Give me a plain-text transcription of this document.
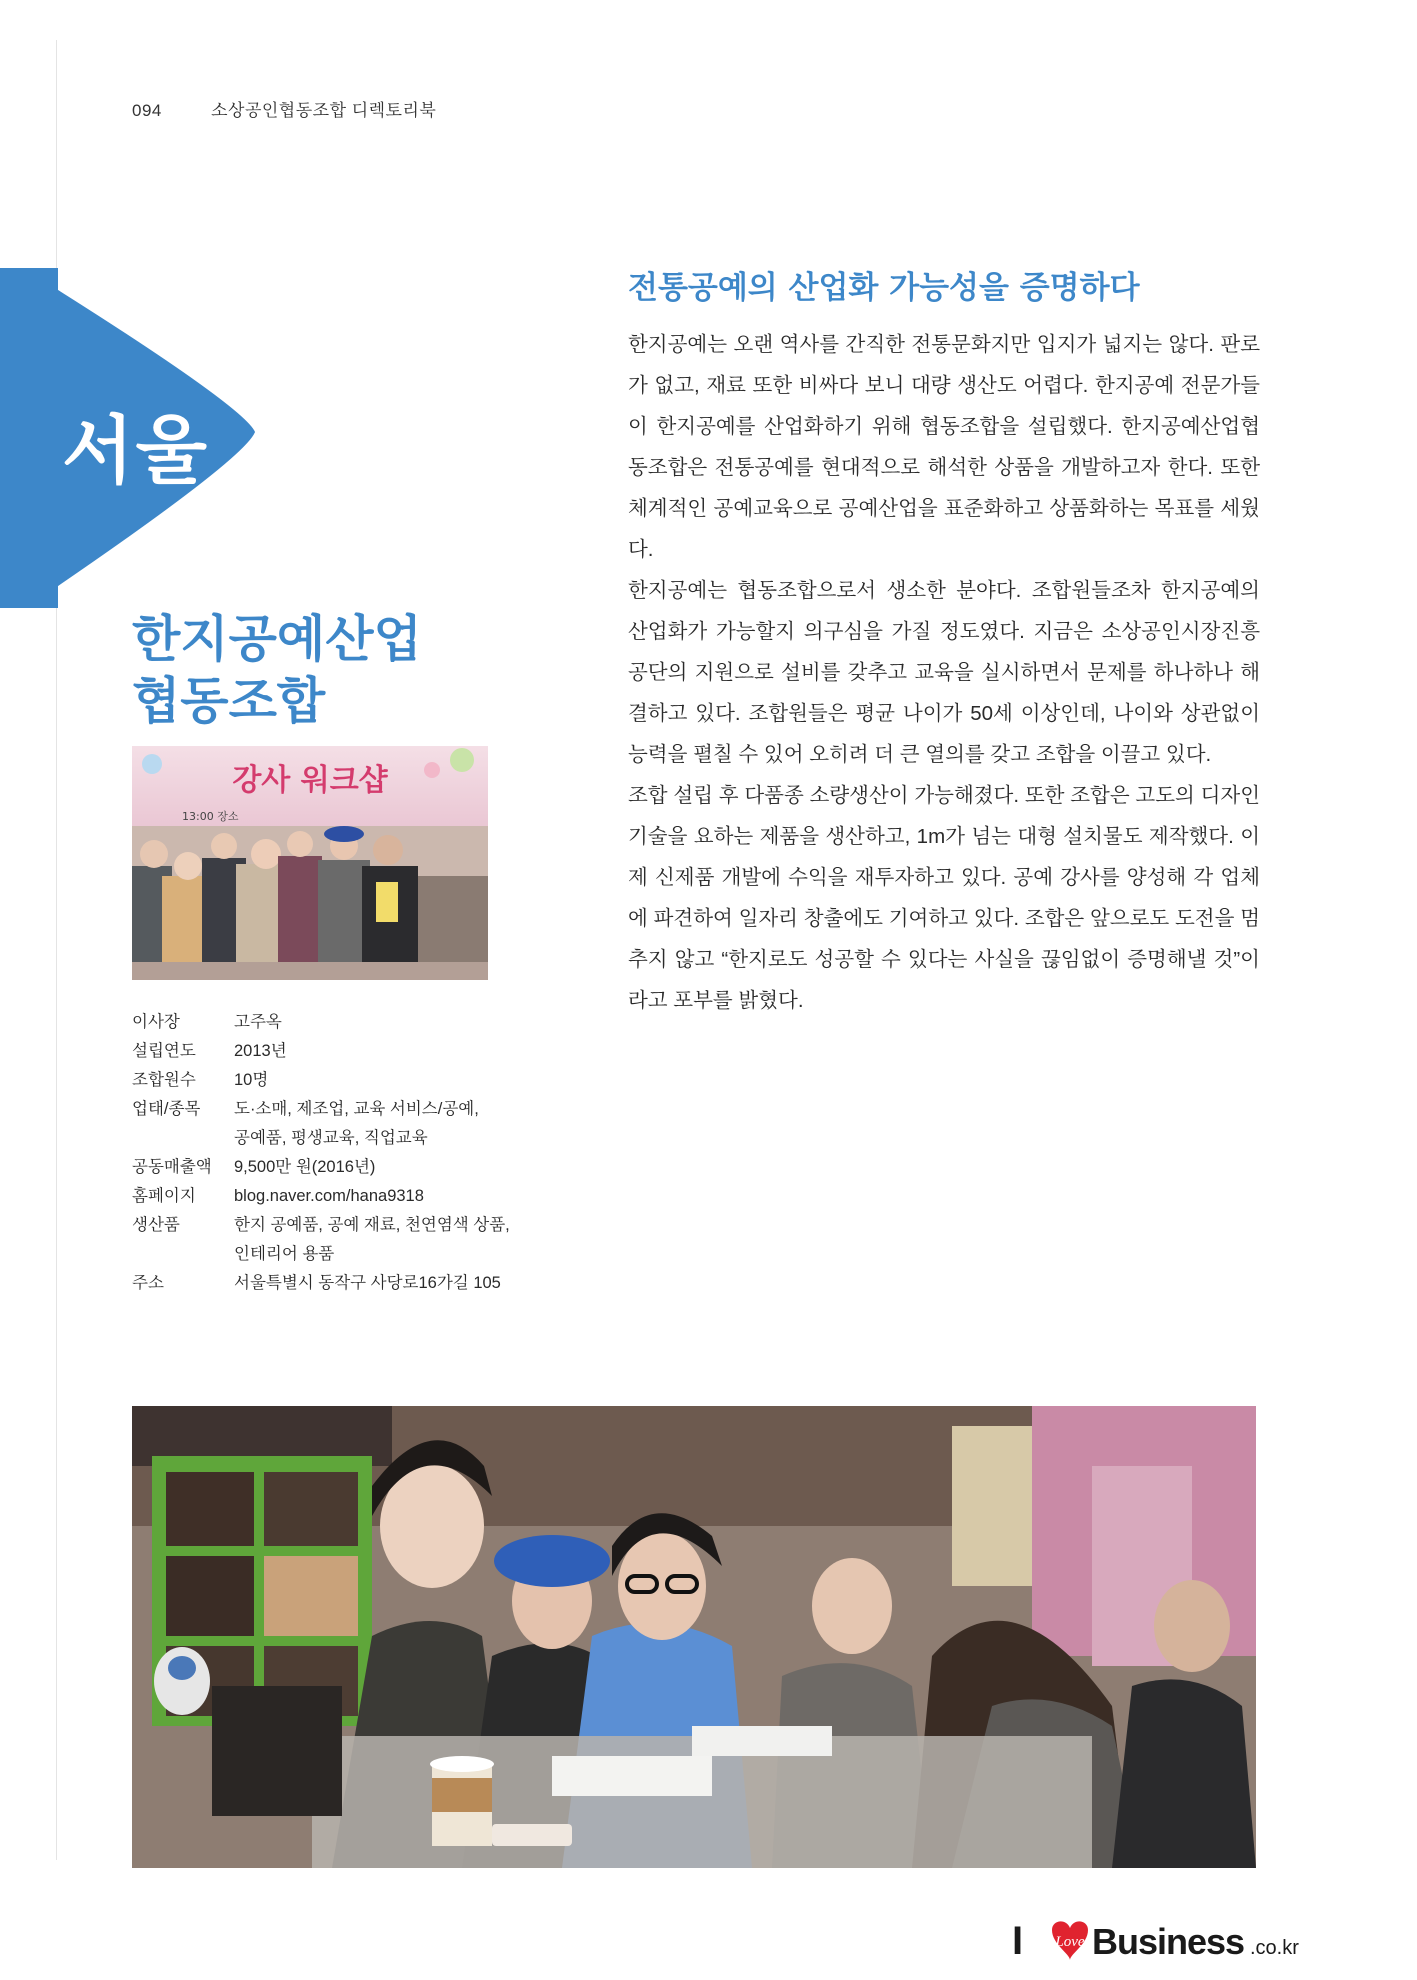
094	소상공인협동조합 디렉토리북
서울
한지공예산업
협동조합
강사 워크샵
13:00 장소
이사장	고주옥
설립연도	2013년
조합원수	10명
업태/종목	도·소매, 제조업, 교육 서비스/공예,
공예품, 평생교육, 직업교육
공동매출액	9,500만 원(2016년)
홈페이지	blog.naver.com/hana9318
생산품	한지 공예품, 공예 재료, 천연염색 상품,
인테리어 용품
주소	서울특별시 동작구 사당로16가길 105
전통공예의 산업화 가능성을 증명하다

한지공예는 오랜 역사를 간직한 전통문화지만 입지가 넓지는 않다. 판로가 없고, 재료 또한 비싸다 보니 대량 생산도 어렵다. 한지공예 전문가들이 한지공예를 산업화하기 위해 협동조합을 설립했다. 한지공예산업협동조합은 전통공예를 현대적으로 해석한 상품을 개발하고자 한다. 또한 체계적인 공예교육으로 공예산업을 표준화하고 상품화하는 목표를 세웠다.

한지공예는 협동조합으로서 생소한 분야다. 조합원들조차 한지공예의 산업화가 가능할지 의구심을 가질 정도였다. 지금은 소상공인시장진흥공단의 지원으로 설비를 갖추고 교육을 실시하면서 문제를 하나하나 해결하고 있다. 조합원들은 평균 나이가 50세 이상인데, 나이와 상관없이 능력을 펼칠 수 있어 오히려 더 큰 열의를 갖고 조합을 이끌고 있다.

조합 설립 후 다품종 소량생산이 가능해졌다. 또한 조합은 고도의 디자인 기술을 요하는 제품을 생산하고, 1m가 넘는 대형 설치물도 제작했다. 이제 신제품 개발에 수익을 재투자하고 있다. 공예 강사를 양성해 각 업체에 파견하여 일자리 창출에도 기여하고 있다. 조합은 앞으로도 도전을 멈추지 않고 “한지로도 성공할 수 있다는 사실을 끊임없이 증명해낼 것”이라고 포부를 밝혔다.

I Love Business .co.kr
